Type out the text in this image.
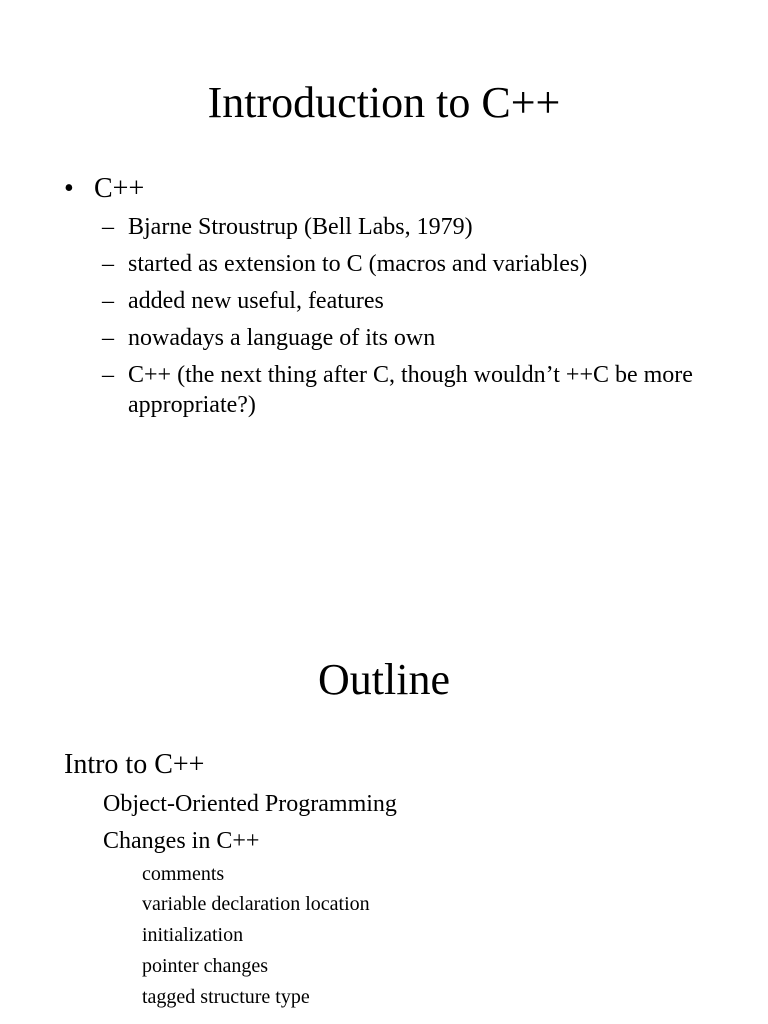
Introduction to C++
• C++
– Bjarne Stroustrup (Bell Labs, 1979)
– started as extension to C (macros and variables)
– added new useful, features
– nowadays a language of its own
– C++ (the next thing after C, though wouldn’t ++C be more appropriate?)
Outline
Intro to C++
Object-Oriented Programming
Changes in C++
comments
variable declaration location
initialization
pointer changes
tagged structure type
